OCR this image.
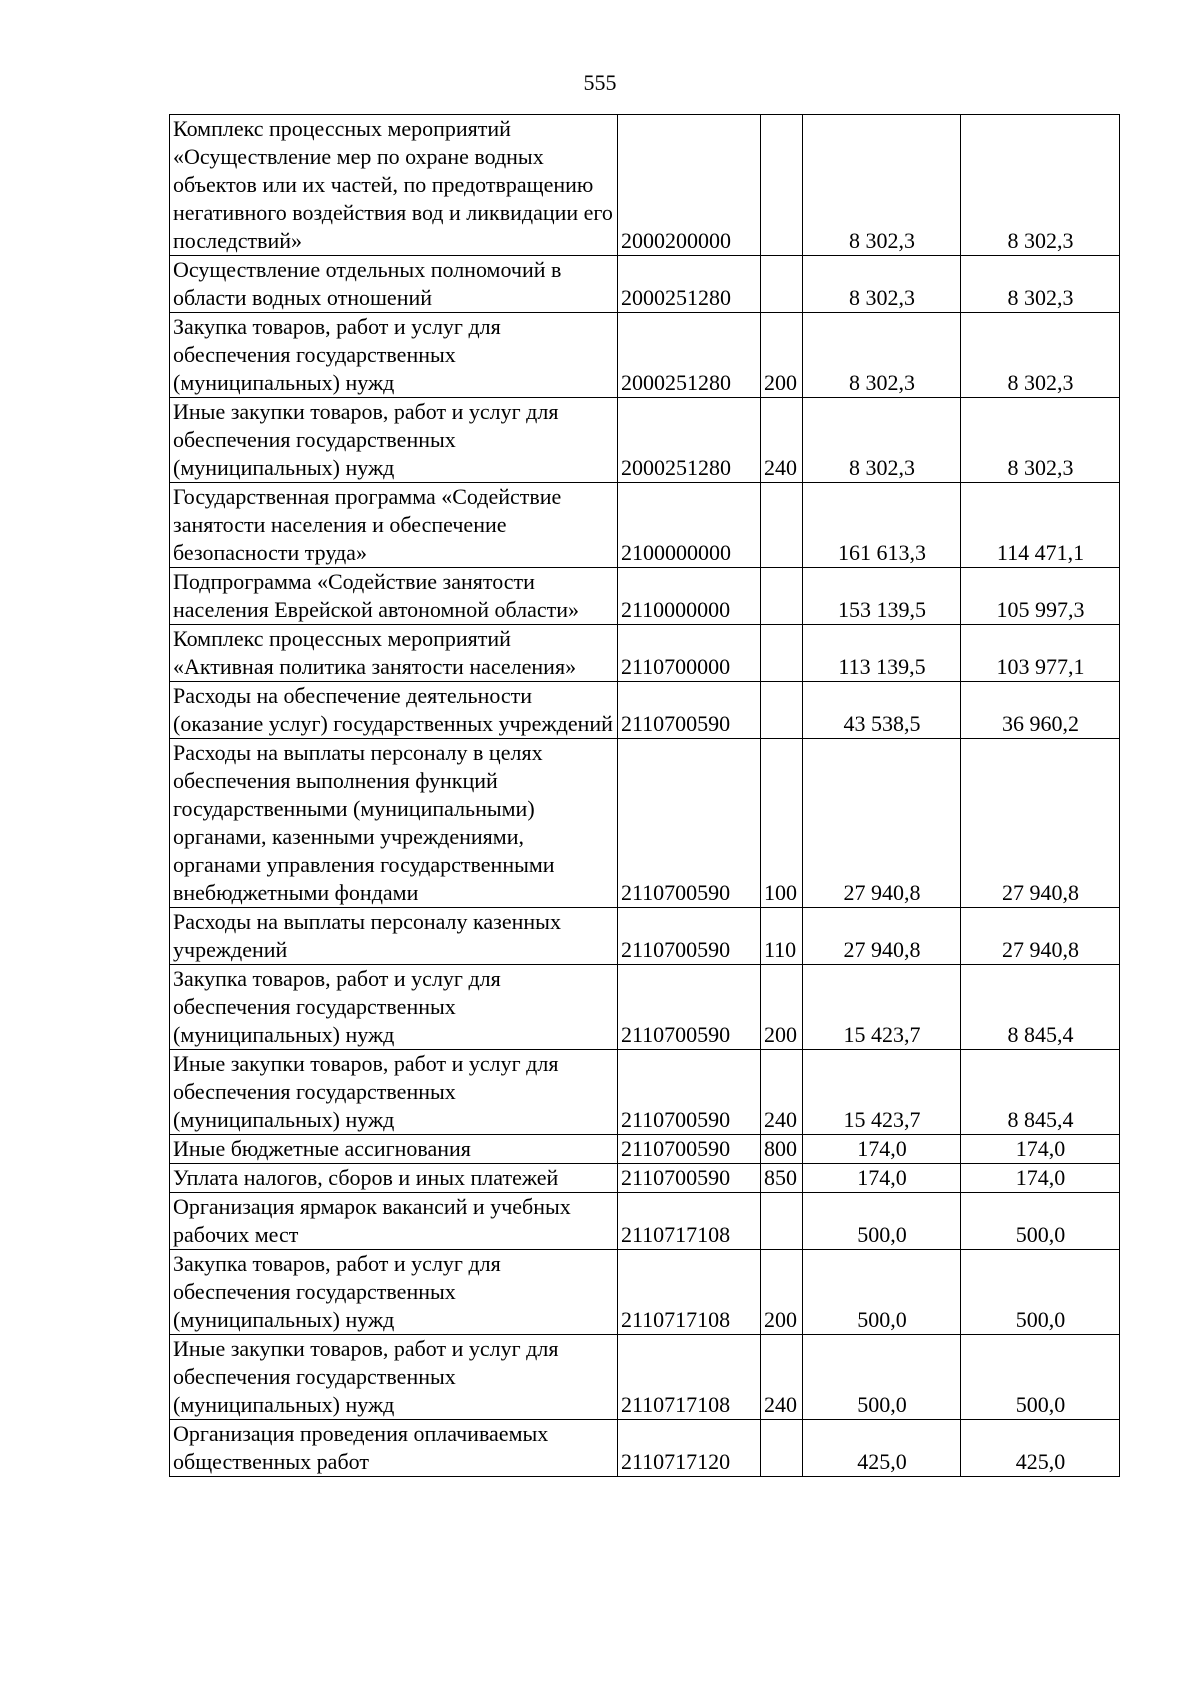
555
Комплекс процессных мероприятий «Осуществление мер по охране водных объектов или их частей, по предотвращению негативного воздействия вод и ликвидации его последствий»	2000200000		8 302,3	8 302,3
Осуществление отдельных полномочий в области водных отношений	2000251280		8 302,3	8 302,3
Закупка товаров, работ и услуг для обеспечения государственных (муниципальных) нужд	2000251280	200	8 302,3	8 302,3
Иные закупки товаров, работ и услуг для обеспечения государственных (муниципальных) нужд	2000251280	240	8 302,3	8 302,3
Государственная программа «Содействие занятости населения и обеспечение безопасности труда»	2100000000		161 613,3	114 471,1
Подпрограмма «Содействие занятости населения Еврейской автономной области»	2110000000		153 139,5	105 997,3
Комплекс процессных мероприятий «Активная политика занятости населения»	2110700000		113 139,5	103 977,1
Расходы на обеспечение деятельности (оказание услуг) государственных учреждений	2110700590		43 538,5	36 960,2
Расходы на выплаты персоналу в целях обеспечения выполнения функций государственными (муниципальными) органами, казенными учреждениями, органами управления государственными внебюджетными фондами	2110700590	100	27 940,8	27 940,8
Расходы на выплаты персоналу казенных учреждений	2110700590	110	27 940,8	27 940,8
Закупка товаров, работ и услуг для обеспечения государственных (муниципальных) нужд	2110700590	200	15 423,7	8 845,4
Иные закупки товаров, работ и услуг для обеспечения государственных (муниципальных) нужд	2110700590	240	15 423,7	8 845,4
Иные бюджетные ассигнования	2110700590	800	174,0	174,0
Уплата налогов, сборов и иных платежей	2110700590	850	174,0	174,0
Организация ярмарок вакансий и учебных рабочих мест	2110717108		500,0	500,0
Закупка товаров, работ и услуг для обеспечения государственных (муниципальных) нужд	2110717108	200	500,0	500,0
Иные закупки товаров, работ и услуг для обеспечения государственных (муниципальных) нужд	2110717108	240	500,0	500,0
Организация проведения оплачиваемых общественных работ	2110717120		425,0	425,0
